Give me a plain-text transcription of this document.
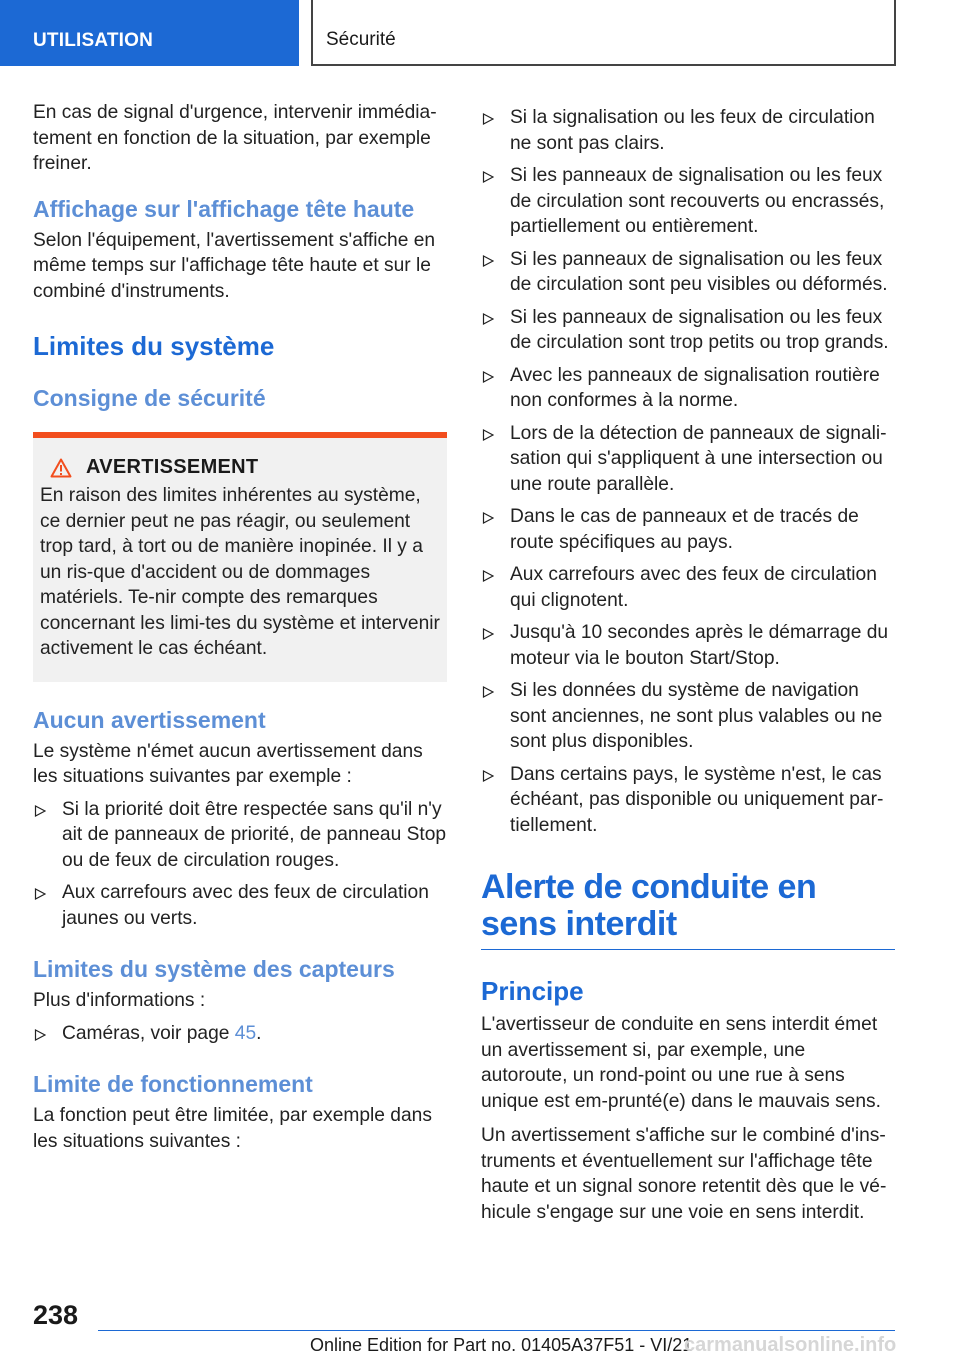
UTILISATION	Sécurité

En cas de signal d'urgence, intervenir immédia-tement en fonction de la situation, par exemple freiner.

Affichage sur l'affichage tête haute

Selon l'équipement, l'avertissement s'affiche en même temps sur l'affichage tête haute et sur le combiné d'instruments.

Limites du système
Consigne de sécurité
AVERTISSEMENT

En raison des limites inhérentes au système, ce dernier peut ne pas réagir, ou seulement trop tard, à tort ou de manière inopinée. Il y a un ris-que d'accident ou de dommages matériels. Te-nir compte des remarques concernant les limi-tes du système et intervenir activement le cas échéant.

Aucun avertissement

Le système n'émet aucun avertissement dans les situations suivantes par exemple :

Si la priorité doit être respectée sans qu'il n'y ait de panneaux de priorité, de panneau Stop ou de feux de circulation rouges.
Aux carrefours avec des feux de circulation jaunes ou verts.
Limites du système des capteurs

Plus d'informations :

Caméras, voir page 45.
Limite de fonctionnement

La fonction peut être limitée, par exemple dans les situations suivantes :

Si la signalisation ou les feux de circulation ne sont pas clairs.
Si les panneaux de signalisation ou les feux de circulation sont recouverts ou encrassés, partiellement ou entièrement.
Si les panneaux de signalisation ou les feux de circulation sont peu visibles ou déformés.
Si les panneaux de signalisation ou les feux de circulation sont trop petits ou trop grands.
Avec les panneaux de signalisation routière non conformes à la norme.
Lors de la détection de panneaux de signali-sation qui s'appliquent à une intersection ou une route parallèle.
Dans le cas de panneaux et de tracés de route spécifiques au pays.
Aux carrefours avec des feux de circulation qui clignotent.
Jusqu'à 10 secondes après le démarrage du moteur via le bouton Start/Stop.
Si les données du système de navigation sont anciennes, ne sont plus valables ou ne sont plus disponibles.
Dans certains pays, le système n'est, le cas échéant, pas disponible ou uniquement par-tiellement.
Alerte de conduite en sens interdit
Principe

L'avertisseur de conduite en sens interdit émet un avertissement si, par exemple, une autoroute, un rond-point ou une rue à sens unique est em-prunté(e) dans le mauvais sens.

Un avertissement s'affiche sur le combiné d'ins-truments et éventuellement sur l'affichage tête haute et un signal sonore retentit dès que le vé-hicule s'engage sur une voie en sens interdit.

238
Online Edition for Part no. 01405A37F51 - VI/21
carmanualsonline.info
